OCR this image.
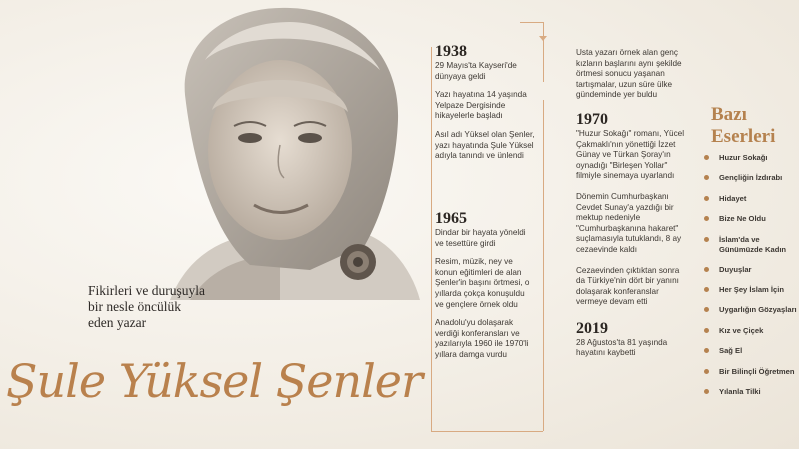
Fikirleri ve duruşuyla
bir nesle öncülük
eden yazar
Şule Yüksel Şenler
1938
29 Mayıs'ta Kayseri'de dünyaya geldi
Yazı hayatına 14 yaşında Yelpaze Dergisinde hikayelerle başladı
Asıl adı Yüksel olan Şenler, yazı hayatında Şule Yüksel adıyla tanındı ve ünlendi
1965
Dindar bir hayata yöneldi ve tesettüre girdi
Resim, müzik, ney ve konun eğitimleri de alan Şenler'in başını örtmesi, o yıllarda çokça konuşuldu ve gençlere örnek oldu
Anadolu'yu dolaşarak verdiği konferansları ve yazılarıyla 1960 ile 1970'li yıllara damga vurdu
Usta yazarı örnek alan genç kızların başlarını aynı şekilde örtmesi sonucu yaşanan tartışmalar, uzun süre ülke gündeminde yer buldu
1970
"Huzur Sokağı" romanı, Yücel Çakmaklı'nın yönettiği İzzet Günay ve Türkan Şoray'ın oynadığı "Birleşen Yollar" filmiyle sinemaya uyarlandı
Dönemin Cumhurbaşkanı Cevdet Sunay'a yazdığı bir mektup nedeniyle "Cumhurbaşkanına hakaret" suçlamasıyla tutuklandı, 8 ay cezaevinde kaldı
Cezaevinden çıktıktan sonra da Türkiye'nin dört bir yanını dolaşarak konferanslar vermeye devam etti
2019
28 Ağustos'ta 81 yaşında hayatını kaybetti
Bazı Eserleri
Huzur Sokağı
Gençliğin İzdırabı
Hidayet
Bize Ne Oldu
İslam'da ve Günümüzde Kadın
Duyuşlar
Her Şey İslam İçin
Uygarlığın Gözyaşları
Kız ve Çiçek
Sağ El
Bir Bilinçli Öğretmen
Yılanla Tilki
